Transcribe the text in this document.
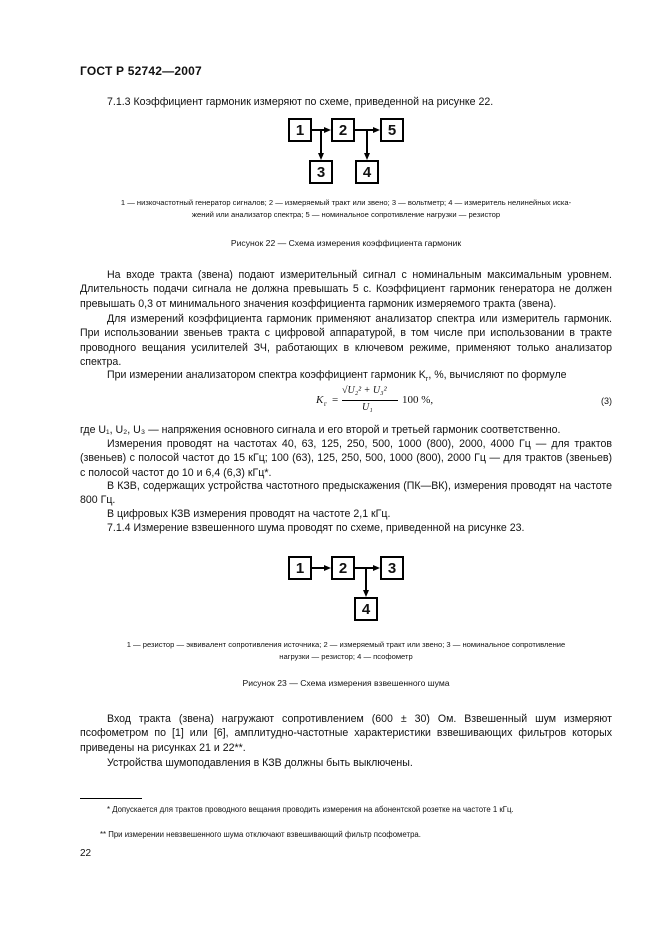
ГОСТ Р 52742—2007
7.1.3 Коэффициент гармоник измеряют по схеме, приведенной на рисунке 22.
1	2	5
3	4
1 — низкочастотный генератор сигналов; 2 — измеряемый тракт или звено; 3 — вольтметр; 4 — измеритель нелинейных иска-
жений или анализатор спектра; 5 — номинальное сопротивление нагрузки — резистор
Рисунок 22 — Схема измерения коэффициента гармоник
На входе тракта (звена) подают измерительный сигнал с номинальным максимальным уровнем. Длительность подачи сигнала не должна превышать 5 с. Коэффициент гармоник генератора не должен превышать 0,3 от минимального значения коэффициента гармоник измеряемого тракта (звена).
Для измерений коэффициента гармоник применяют анализатор спектра или измеритель гармоник. При использовании звеньев тракта с цифровой аппаратурой, в том числе при использовании в тракте проводного вещания усилителей ЗЧ, работающих в ключевом режиме, применяют только анализатор спектра.
При измерении анализатором спектра коэффициент гармоник $K_г$, %, вычисляют по формуле
K г =
√U₂² + U₃²
U₁
100 %,	(3)
где U₁, U₂, U₃ — напряжения основного сигнала и его второй и третьей гармоник соответственно.
Измерения проводят на частотах 40, 63, 125, 250, 500, 1000 (800), 2000, 4000 Гц — для трактов (звеньев) с полосой частот до 15 кГц; 100 (63), 125, 250, 500, 1000 (800), 2000 Гц — для трактов (звеньев) с полосой частот до 10 и 6,4 (6,3) кГц*.
В КЗВ, содержащих устройства частотного предыскажения (ПК—ВК), измерения проводят на частоте 800 Гц.
В цифровых КЗВ измерения проводят на частоте 2,1 кГц.
7.1.4 Измерение взвешенного шума проводят по схеме, приведенной на рисунке 23.
1	2	3
4
1 — резистор — эквивалент сопротивления источника; 2 — измеряемый тракт или звено; 3 — номинальное сопротивление
нагрузки — резистор; 4 — псофометр
Рисунок 23 — Схема измерения взвешенного шума
Вход тракта (звена) нагружают сопротивлением (600 ± 30) Ом. Взвешенный шум измеряют псофометром по [1] или [6], амплитудно-частотные характеристики взвешивающих фильтров которых приведены на рисунках 21 и 22**.
Устройства шумоподавления в КЗВ должны быть выключены.
* Допускается для трактов проводного вещания проводить измерения на абонентской розетке на частоте 1 кГц.
** При измерении невзвешенного шума отключают взвешивающий фильтр псофометра.
22
